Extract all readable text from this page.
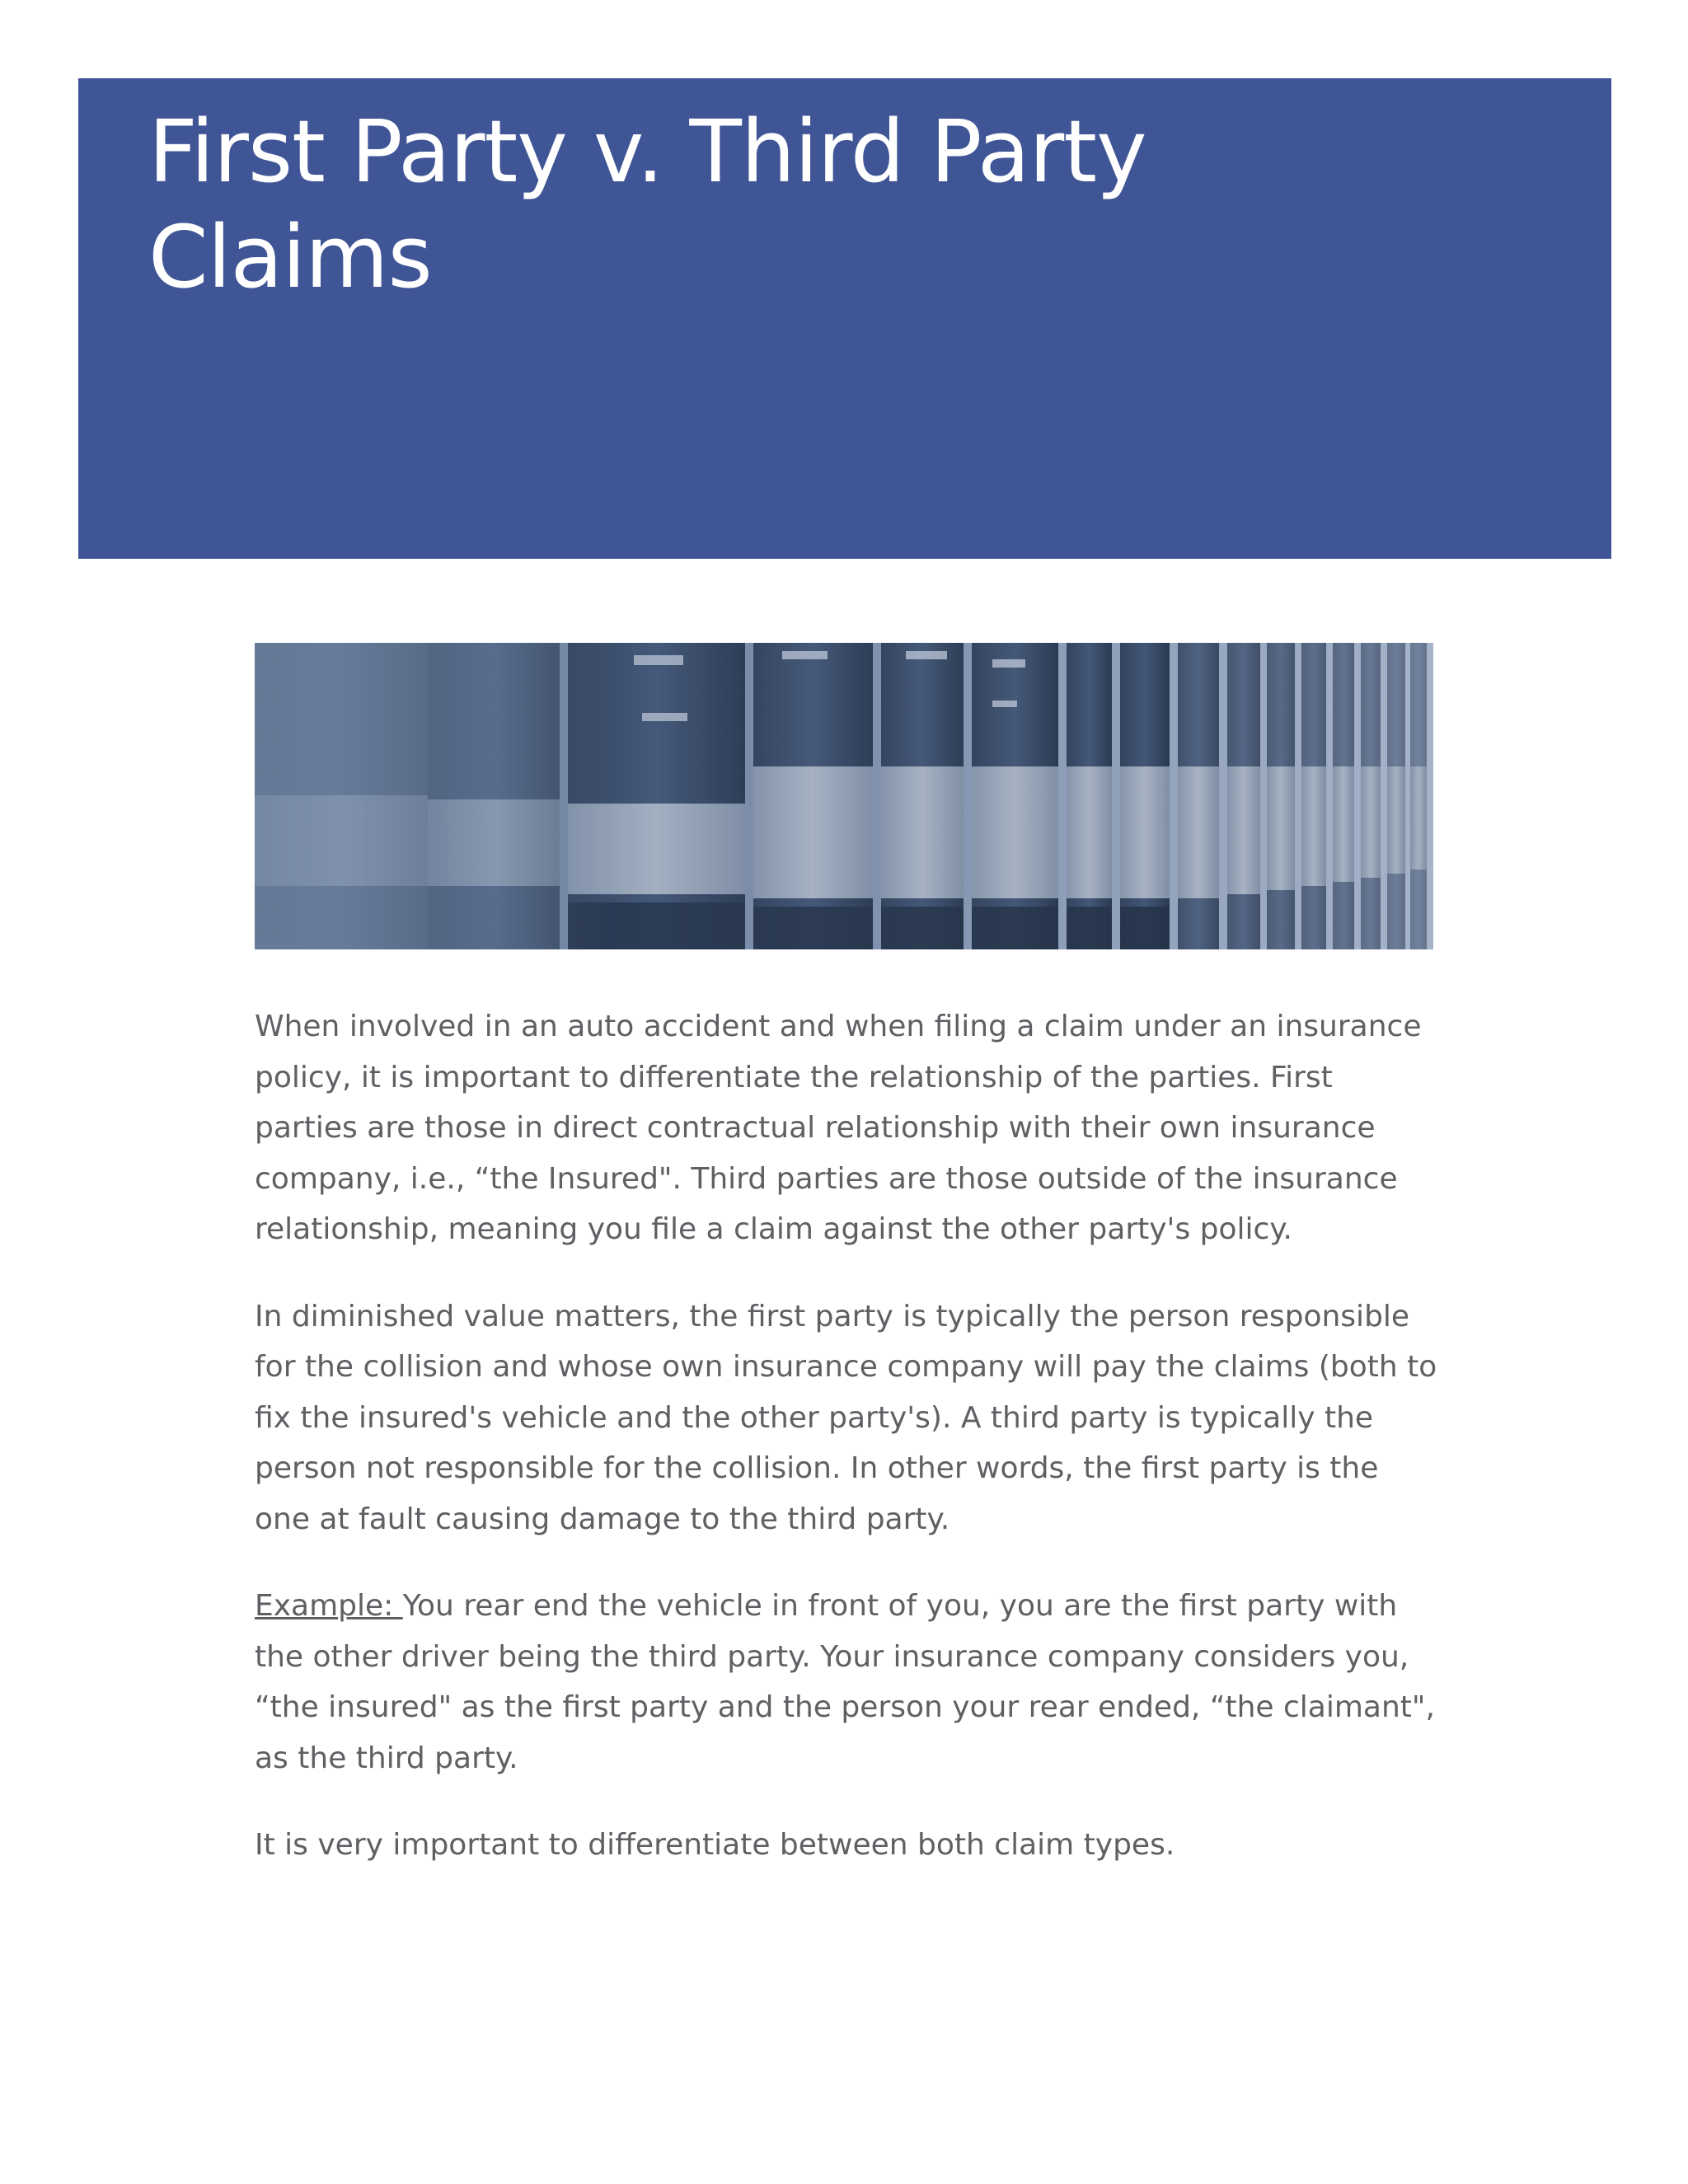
First Party v. Third Party
Claims

When involved in an auto accident and when filing a claim under an insurance policy, it is important to differentiate the relationship of the parties. First parties are those in direct contractual relationship with their own insurance company, i.e., “the Insured". Third parties are those outside of the insurance relationship, meaning you file a claim against the other party's policy.

In diminished value matters, the first party is typically the person responsible for the collision and whose own insurance company will pay the claims (both to fix the insured's vehicle and the other party's). A third party is typically the person not responsible for the collision. In other words, the first party is the one at fault causing damage to the third party.

Example: You rear end the vehicle in front of you, you are the first party with the other driver being the third party. Your insurance company considers you, “the insured" as the first party and the person your rear ended, “the claimant", as the third party.

It is very important to differentiate between both claim types.
